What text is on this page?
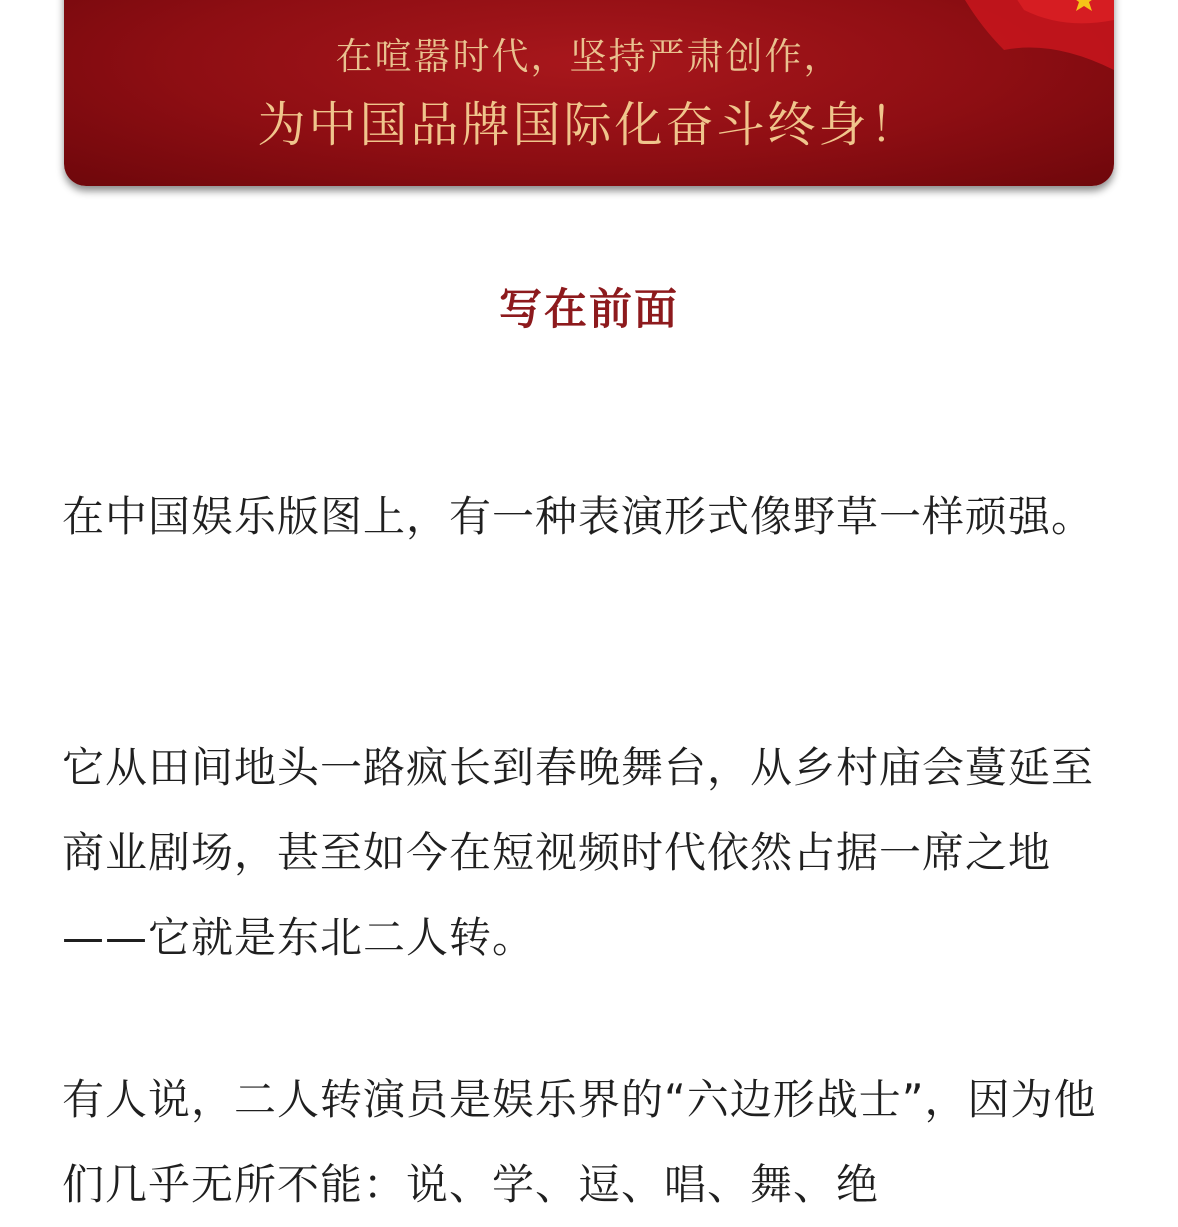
在喧嚣时代，坚持严肃创作，
为中国品牌国际化奋斗终身！
写在前面

在中国娱乐版图上，有一种表演形式像野草一样顽强。

它从田间地头一路疯长到春晚舞台，从乡村庙会蔓延至商业剧场，甚至如今在短视频时代依然占据一席之地——它就是东北二人转。

有人说，二人转演员是娱乐界的“六边形战士”，因为他们几乎无所不能：说、学、逗、唱、舞、绝
